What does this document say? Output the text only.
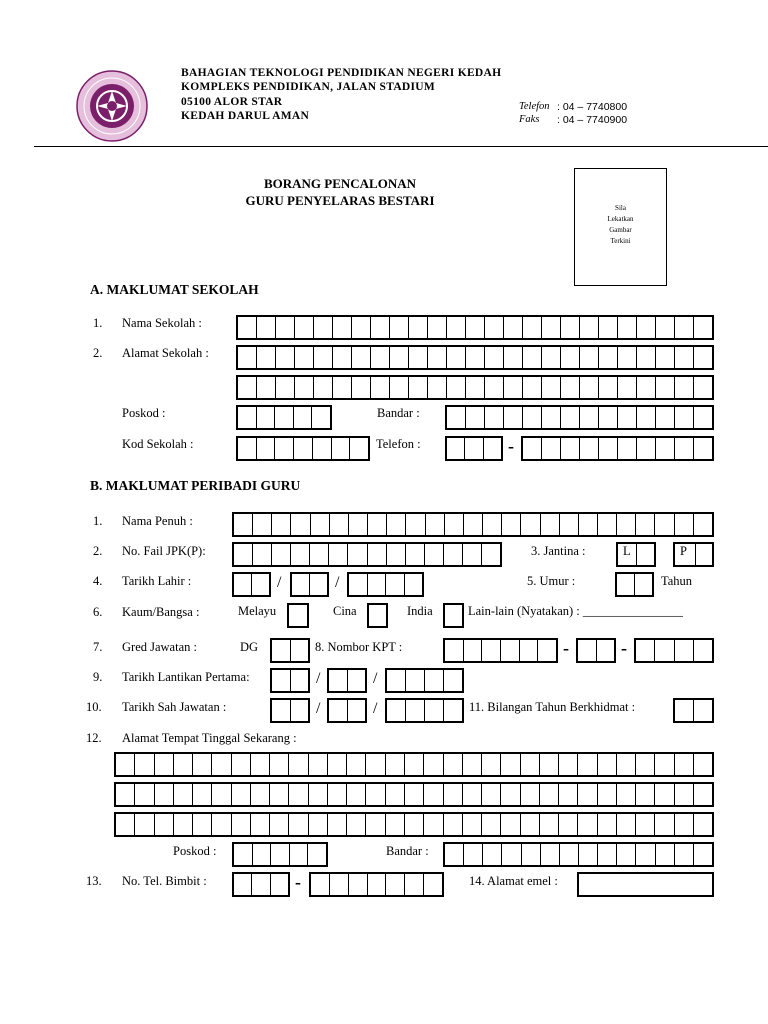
BAHAGIAN TEKNOLOGI PENDIDIKAN NEGERI KEDAH
KOMPLEKS PENDIDIKAN, JALAN STADIUM
05100 ALOR STAR
KEDAH DARUL AMAN
Telefon : 04 – 7740800
Faks : 04 – 7740900
BORANG PENCALONAN
GURU PENYELARAS BESTARI	Sila
Lekatkan
Gambar
Terkini
A. MAKLUMAT SEKOLAH
1. Nama Sekolah :
2. Alamat Sekolah :
Poskod :	Bandar :
Kod Sekolah :	Telefon :	-
B. MAKLUMAT PERIBADI GURU
1. Nama Penuh :
2. No. Fail JPK(P):	3. Jantina :	L	P
4. Tarikh Lahir :	/	/	5. Umur :	Tahun
6. Kaum/Bangsa :	Melayu	Cina	India	Lain-lain (Nyatakan) : ________________
7. Gred Jawatan :	DG	8. Nombor KPT :	-	-
9. Tarikh Lantikan Pertama:	/	/
10. Tarikh Sah Jawatan :	/	/	11. Bilangan Tahun Berkhidmat :
12. Alamat Tempat Tinggal Sekarang :
Poskod :	Bandar :
13. No. Tel. Bimbit :	-	14. Alamat emel :
